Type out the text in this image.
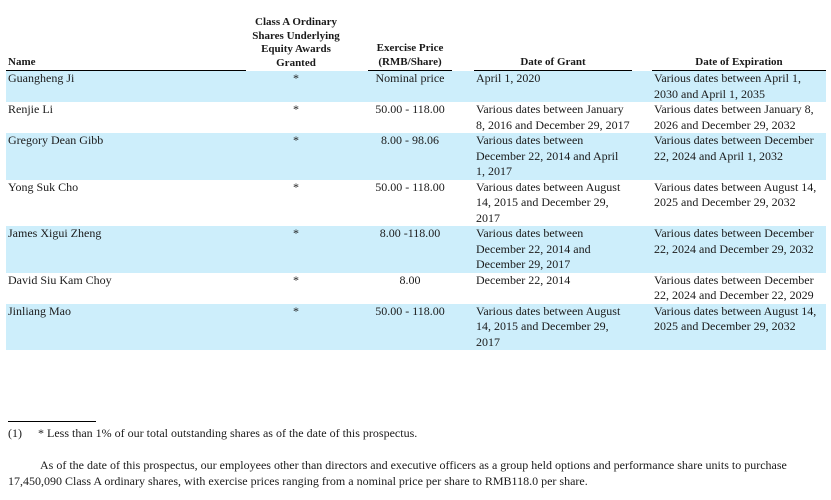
Name	Class A Ordinary Shares Underlying Equity Awards Granted		Exercise Price (RMB/Share)		Date of Grant		Date of Expiration
Guangheng Ji	*		Nominal price		April 1, 2020		Various dates between April 1, 2030 and April 1, 2035
Renjie Li	*		50.00 - 118.00		Various dates between January 8, 2016 and December 29, 2017		Various dates between January 8, 2026 and December 29, 2032
Gregory Dean Gibb	*		8.00 - 98.06		Various dates between December 22, 2014 and April 1, 2017		Various dates between December 22, 2024 and April 1, 2032
Yong Suk Cho	*		50.00 - 118.00		Various dates between August 14, 2015 and December 29, 2017		Various dates between August 14, 2025 and December 29, 2032
James Xigui Zheng	*		8.00 -118.00		Various dates between December 22, 2014 and December 29, 2017		Various dates between December 22, 2024 and December 29, 2032
David Siu Kam Choy	*		8.00		December 22, 2014		Various dates between December 22, 2024 and December 22, 2029
Jinliang Mao	*		50.00 - 118.00		Various dates between August 14, 2015 and December 29, 2017		Various dates between August 14, 2025 and December 29, 2032
(1) * Less than 1% of our total outstanding shares as of the date of this prospectus.

As of the date of this prospectus, our employees other than directors and executive officers as a group held options and performance share units to purchase 17,450,090 Class A ordinary shares, with exercise prices ranging from a nominal price per share to RMB118.0 per share.
